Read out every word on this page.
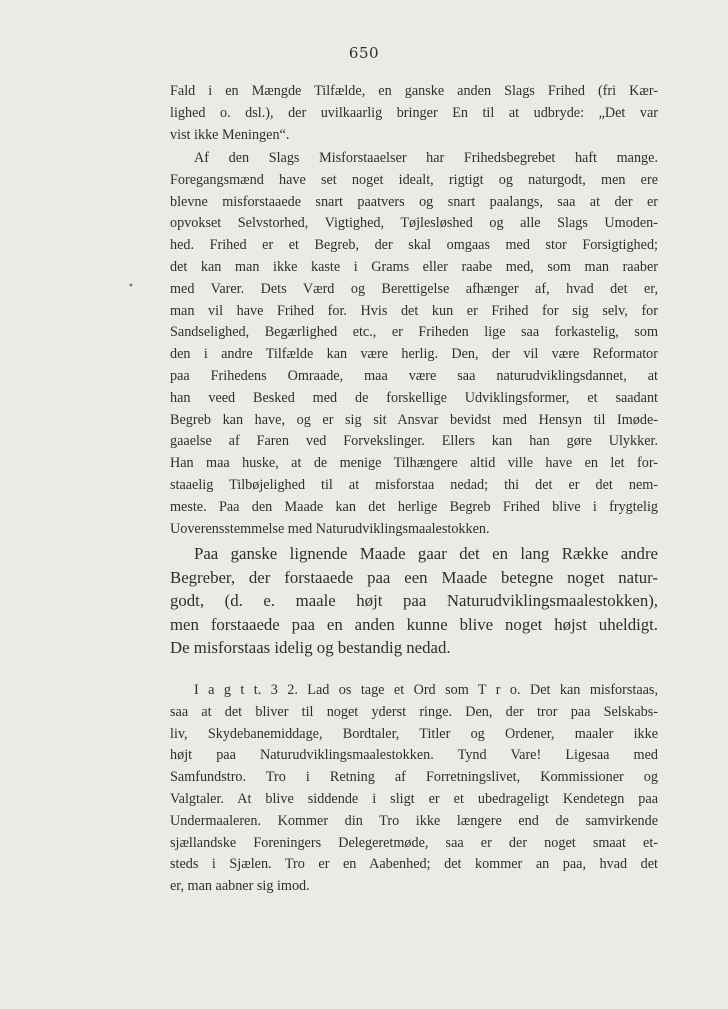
650
•
Fald i en Mængde Tilfælde, en ganske anden Slags Frihed (fri Kær-
lighed o. dsl.), der uvilkaarlig bringer En til at udbryde: „Det var
vist ikke Meningen“.
Af den Slags Misforstaaelser har Frihedsbegrebet haft mange.
Foregangsmænd have set noget idealt, rigtigt og naturgodt, men ere
blevne misforstaaede snart paatvers og snart paalangs, saa at der er
opvokset Selvstorhed, Vigtighed, Tøjlesløshed og alle Slags Umoden-
hed. Frihed er et Begreb, der skal omgaas med stor Forsigtighed;
det kan man ikke kaste i Grams eller raabe med, som man raaber
med Varer. Dets Værd og Berettigelse afhænger af, hvad det er,
man vil have Frihed for. Hvis det kun er Frihed for sig selv, for
Sandselighed, Begærlighed etc., er Friheden lige saa forkastelig, som
den i andre Tilfælde kan være herlig. Den, der vil være Reformator
paa Frihedens Omraade, maa være saa naturudviklingsdannet, at
han veed Besked med de forskellige Udviklingsformer, et saadant
Begreb kan have, og er sig sit Ansvar bevidst med Hensyn til Imøde-
gaaelse af Faren ved Forvekslinger. Ellers kan han gøre Ulykker.
Han maa huske, at de menige Tilhængere altid ville have en let for-
staaelig Tilbøjelighed til at misforstaa nedad; thi det er det nem-
meste. Paa den Maade kan det herlige Begreb Frihed blive i frygtelig
Uoverensstemmelse med Naturudviklingsmaalestokken.
Paa ganske lignende Maade gaar det en lang Række andre
Begreber, der forstaaede paa een Maade betegne noget natur-
godt, (d. e. maale højt paa Naturudviklingsmaalestokken),
men forstaaede paa en anden kunne blive noget højst uheldigt.
De misforstaas idelig og bestandig nedad.
I a g t t. 3 2. Lad os tage et Ord som T r o. Det kan misforstaas,
saa at det bliver til noget yderst ringe. Den, der tror paa Selskabs-
liv, Skydebanemiddage, Bordtaler, Titler og Ordener, maaler ikke
højt paa Naturudviklingsmaalestokken. Tynd Vare! Ligesaa med
Samfundstro. Tro i Retning af Forretningslivet, Kommissioner og
Valgtaler. At blive siddende i sligt er et ubedrageligt Kendetegn paa
Undermaaleren. Kommer din Tro ikke længere end de samvirkende
sjællandske Foreningers Delegeretmøde, saa er der noget smaat et-
steds i Sjælen. Tro er en Aabenhed; det kommer an paa, hvad det
er, man aabner sig imod.
